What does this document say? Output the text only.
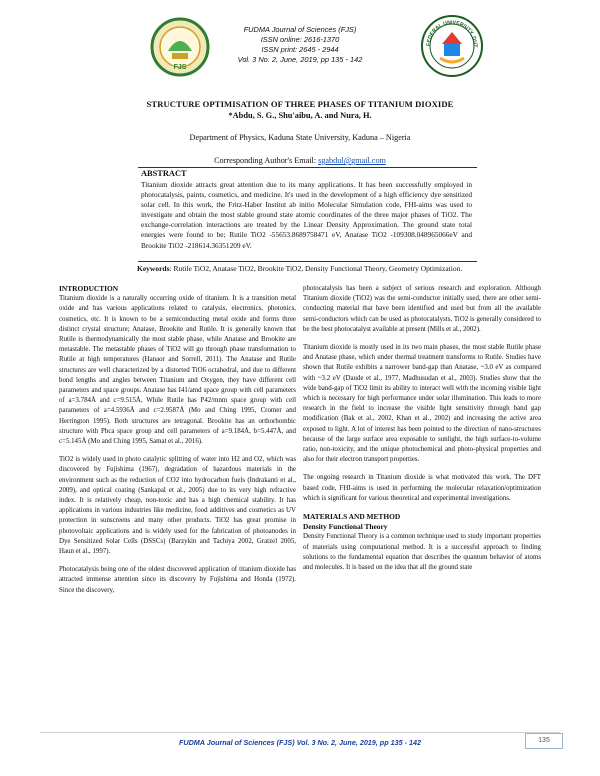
FJS
FUDMA Journal of Sciences (FJS)
ISSN online: 2616-1370
ISSN print: 2645 - 2944
Vol. 3 No. 2, June, 2019, pp 135 - 142
FEDERAL UNIVERSITY, DUT
STRUCTURE OPTIMISATION OF THREE PHASES OF TITANIUM DIOXIDE
*Abdu, S. G., Shu'aibu, A. and Nura, H.
Department of Physics, Kaduna State University, Kaduna – Nigeria
Corresponding Author's Email: sgabdul@gmail.com
ABSTRACT
Titanium dioxide attracts great attention due to its many applications. It has been successfully employed in photocatalysis, paints, cosmetics, and medicine. It's used in the development of a high efficiency dye sensitized solar cell. In this work, the Fritz-Haber Institut ab initio Molecular Simulation code, FHI-aims was used to investigate and obtain the most stable ground state atomic coordinates of the three major phases of TiO2. The exchange-correlation interactions are treated by the Linear Density Approximation. The ground state total energies were found to be; Rutile TiO2 -55653.8689758471 eV, Anatase TiO2 -109308.048965066eV and Brookite TiO2 -218614.36351209 eV.
Keywords: Rutile TiO2, Anatase TiO2, Brookite TiO2, Density Functional Theory, Geometry Optimization.
INTRODUCTION

Titanium dioxide is a naturally occurring oxide of titanium. It is a transition metal oxide and has various applications related to catalysis, electronics, photonics, cosmetics, etc. It is known to be a semiconducting metal oxide and forms three distinct crystal structure; Anatase, Brookite and Rutile. It is generally known that Rutile is thermodynamically the most stable phase, while Anatase and Brookite are metastable. The metastable phases of TiO2 will go through phase transformation to Rutile at high temperatures (Hanaor and Sorrell, 2011). The Anatase and Rutile structures are well characterized by a distorted TiO6 octahedral, and due to different bond lengths and angles between Titanium and Oxygen, they have different cell parameters and space groups. Anatase has I41/amd space group with cell parameters of a=3.784Å and c=9.515Å, While Rutile has P42/mnm space group with cell parameters of a=4.5936Å and c=2.9587Å (Mo and Ching 1995, Cromer and Herrington 1995). Both structures are tetragonal. Brookite has an orthorhombic structure with Pbca space group and cell parameters of a=9.184Å, b=5.447Å, and c=5.145Å (Mo and Ching 1995, Samat et al., 2016).

TiO2 is widely used in photo catalytic splitting of water into H2 and O2, which was discovered by Fujishima (1967), degradation of hazardous materials in the environment such as the reduction of CO2 into hydrocarbon fuels (Indrakanti et al., 2009), and optical coating (Sankapal et al., 2005) due to its very high refractive index. It is relatively cheap, non-toxic and has a high chemical stability. It has applications in various industries like medicine, food additives and cosmetics as UV protection in sunscreens and many other products. TiO2 has great promise in photovoltaic applications and is widely used for the fabrication of photoanodes in Dye Sensitized Solar Cells (DSSCs) (Barzykin and Tachiya 2002, Gratzel 2005, Haun et al., 1997).

Photocatalysis being one of the oldest discovered application of titanium dioxide has attracted immense attention since its discovery by Fujishima and Honda (1972). Since the discovery,

photocatalysis has been a subject of serious research and exploration. Although Titanium dioxide (TiO2) was the semi-conductor initially used, there are other semi-conducting material that have been identified and used but from all the available semi-conductors which can be used as photocatalysts, TiO2 is generally considered to be the best photocatalyst available at present (Mills et al., 2002).

Titanium dioxide is mostly used in its two main phases, the most stable Rutile phase and Anatase phase, which under thermal treatment transforms to Rutile. Studies have shown that Rutile exhibits a narrower band-gap than Anatase, ~3.0 eV as compared with ~3.2 eV (Daude et al., 1977, Madhusudan et al., 2003). Studies show that the wide band-gap of TiO2 limit its ability to interact well with the incoming visible light which is necessary for high performance under solar illumination. This leads to more research in the field to increase the visible light sensitivity through band gap modification (Bak et al., 2002, Khan et al., 2002) and increasing the active area exposed to light. A lot of interest has been pointed to the direction of nano-structures because of the large surface area exposable to sunlight, the high surface-to-volume ratio, non-toxicity, and the unique photochemical and photo-physical properties and also for their electron transport properties.

The ongoing research in Titanium dioxide is what motivated this work. The DFT based code, FHI-aims is used in performing the molecular relaxation/optimization which is significant for various theoretical and experimental investigations.

MATERIALS AND METHOD
Density Functional Theory

Density Functional Theory is a common technique used to study important properties of materials using computational method. It is a successful approach to finding solutions to the fundamental equation that describes the quantum behavior of atoms and molecules. It is based on the idea that all the ground state

FUDMA Journal of Sciences (FJS) Vol. 3 No. 2, June, 2019, pp 135 - 142	135
